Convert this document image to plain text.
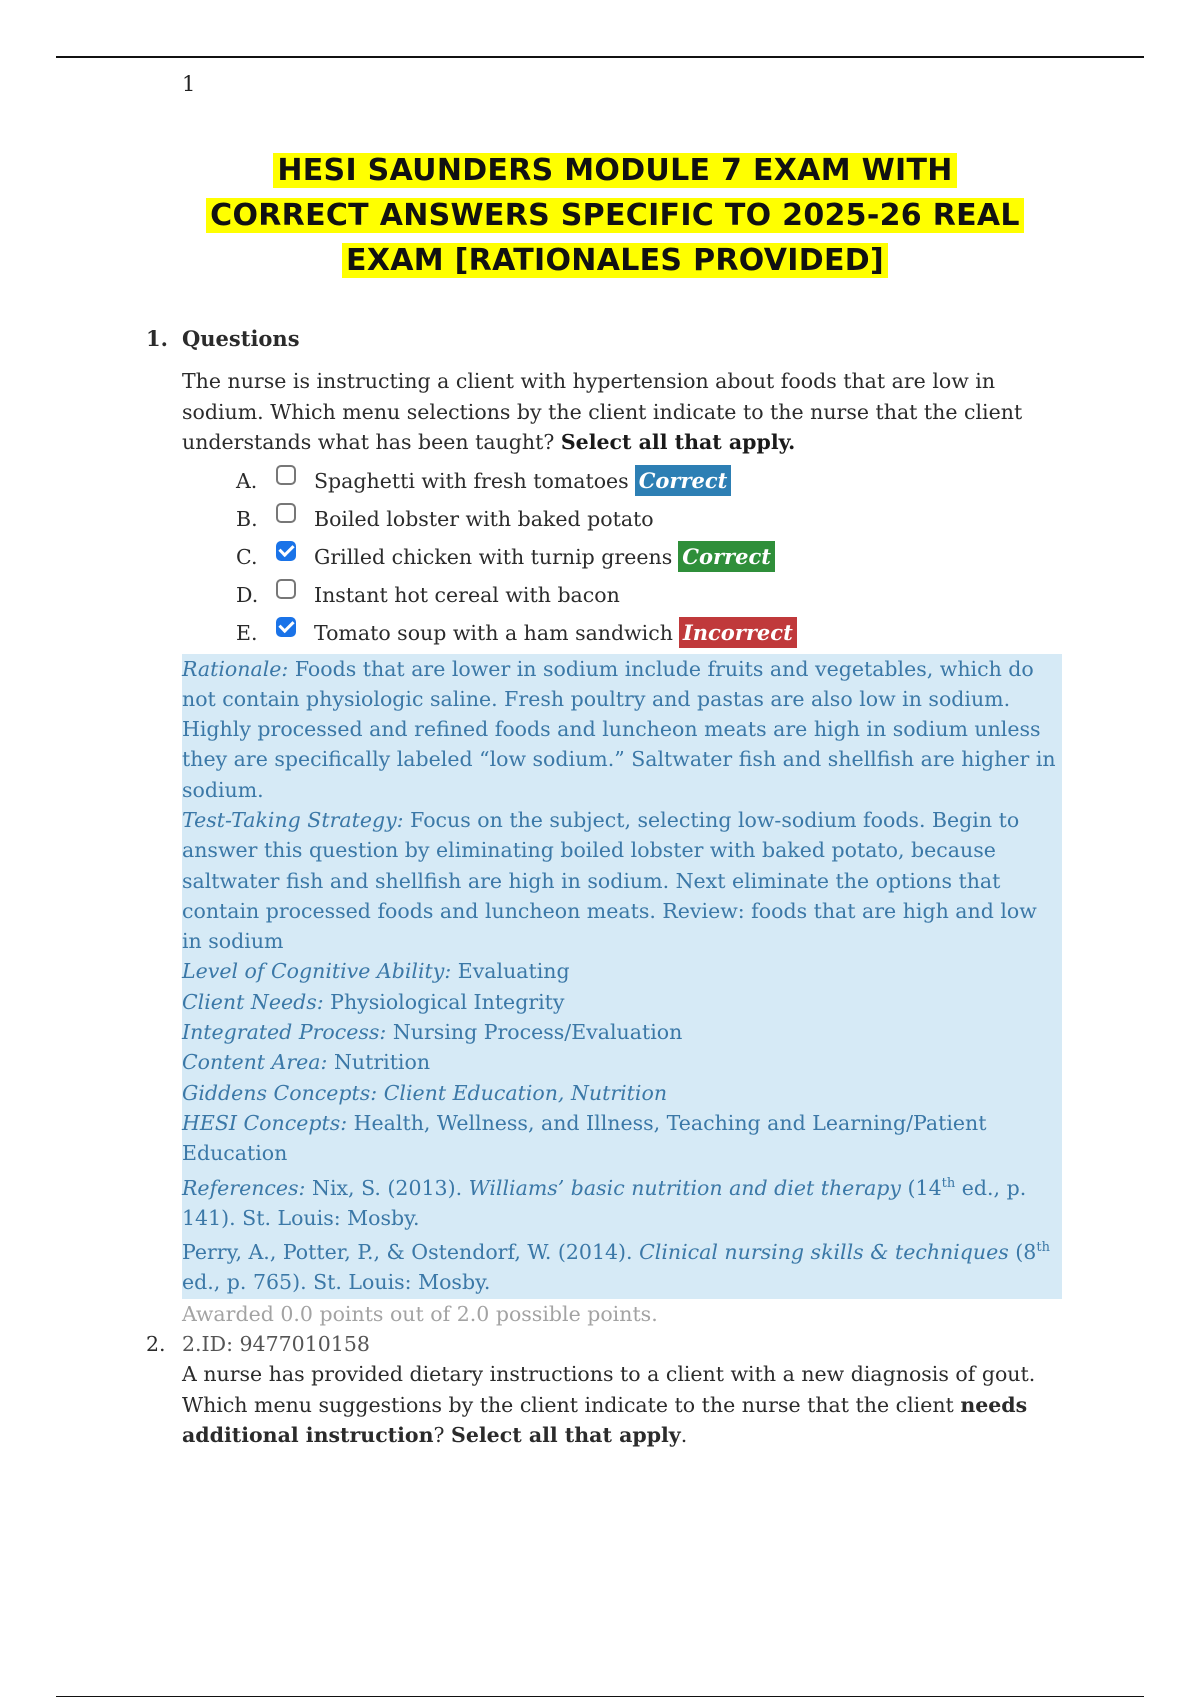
1
HESI SAUNDERS MODULE 7 EXAM WITH
CORRECT ANSWERS SPECIFIC TO 2025-26 REAL
EXAM [RATIONALES PROVIDED]
1. Questions
The nurse is instructing a client with hypertension about foods that are low in sodium. Which menu selections by the client indicate to the nurse that the client understands what has been taught? Select all that apply.
A.	Spaghetti with fresh tomatoes Correct
B.	Boiled lobster with baked potato
C.	Grilled chicken with turnip greens Correct
D.	Instant hot cereal with bacon
E.	Tomato soup with a ham sandwich Incorrect

Rationale: Foods that are lower in sodium include fruits and vegetables, which do not contain physiologic saline. Fresh poultry and pastas are also low in sodium. Highly processed and refined foods and luncheon meats are high in sodium unless they are specifically labeled “low sodium.” Saltwater fish and shellfish are higher in sodium.

Test-Taking Strategy: Focus on the subject, selecting low-sodium foods. Begin to answer this question by eliminating boiled lobster with baked potato, because saltwater fish and shellfish are high in sodium. Next eliminate the options that contain processed foods and luncheon meats. Review: foods that are high and low in sodium

Level of Cognitive Ability: Evaluating

Client Needs: Physiological Integrity

Integrated Process: Nursing Process/Evaluation

Content Area: Nutrition

Giddens Concepts: Client Education, Nutrition

HESI Concepts: Health, Wellness, and Illness, Teaching and Learning/Patient Education

References: Nix, S. (2013). Williams’ basic nutrition and diet therapy (14th ed., p. 141). St. Louis: Mosby.

Perry, A., Potter, P., & Ostendorf, W. (2014). Clinical nursing skills & techniques (8th ed., p. 765). St. Louis: Mosby.

Awarded 0.0 points out of 2.0 possible points.
2. 2.ID: 9477010158
A nurse has provided dietary instructions to a client with a new diagnosis of gout. Which menu suggestions by the client indicate to the nurse that the client needs additional instruction? Select all that apply.
